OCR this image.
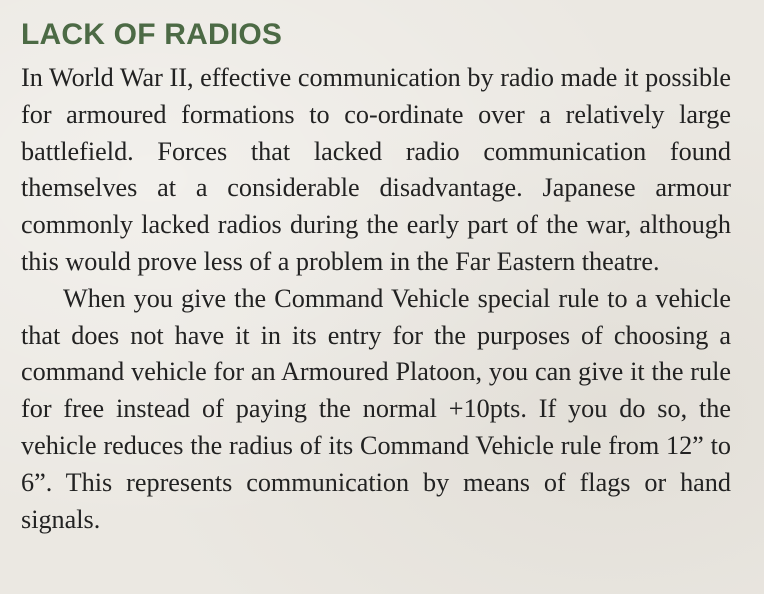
LACK OF RADIOS

In World War II, effective communication by radio made it possible for armoured formations to co-ordinate over a relatively large battlefield. Forces that lacked radio communication found themselves at a considerable disadvantage. Japanese armour commonly lacked radios during the early part of the war, although this would prove less of a problem in the Far Eastern theatre.

When you give the Command Vehicle special rule to a vehicle that does not have it in its entry for the purposes of choosing a command vehicle for an Armoured Platoon, you can give it the rule for free instead of paying the normal +10pts. If you do so, the vehicle reduces the radius of its Command Vehicle rule from 12” to 6”. This represents communication by means of flags or hand signals.
